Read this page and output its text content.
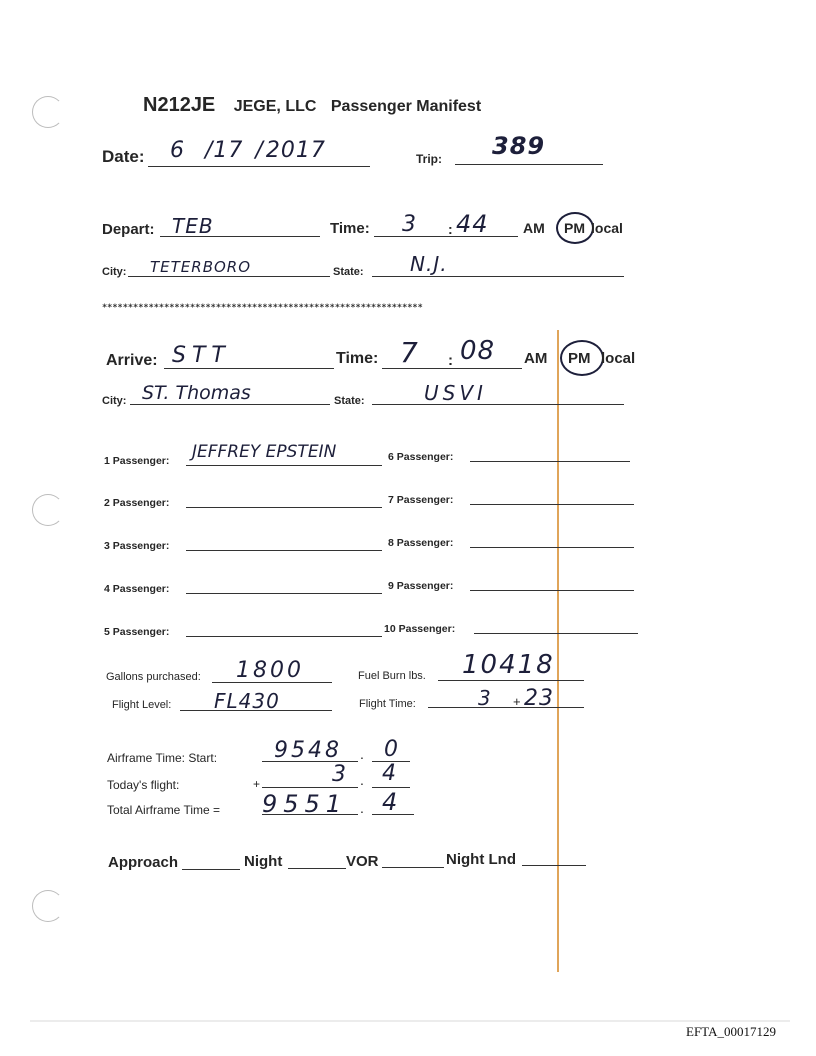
N212JE JEGE, LLC Passenger Manifest
Date: 6 /17 /2017	Trip: 389
Depart: TEB	Time: 3 : 44 AM PM local
City: TETERBORO	State: N.J.
**************************************************************
Arrive: STT	Time: 7 : 08 AM PM local
City: ST. Thomas	State:	USVI
1 Passenger: JEFFREY EPSTEIN
2 Passenger:
3 Passenger:
4 Passenger:
5 Passenger:
6 Passenger:
7 Passenger:
8 Passenger:
9 Passenger:
10 Passenger:
Gallons purchased: 1800	Fuel Burn lbs. 10418
Flight Level: FL430	Flight Time:	3 + 23
Airframe Time: Start:	9548 . 0
Today's flight:	+	3 . 4
Total Airframe Time = 9551 . 4
Approach	Night	VOR	Night Lnd
EFTA_00017129
